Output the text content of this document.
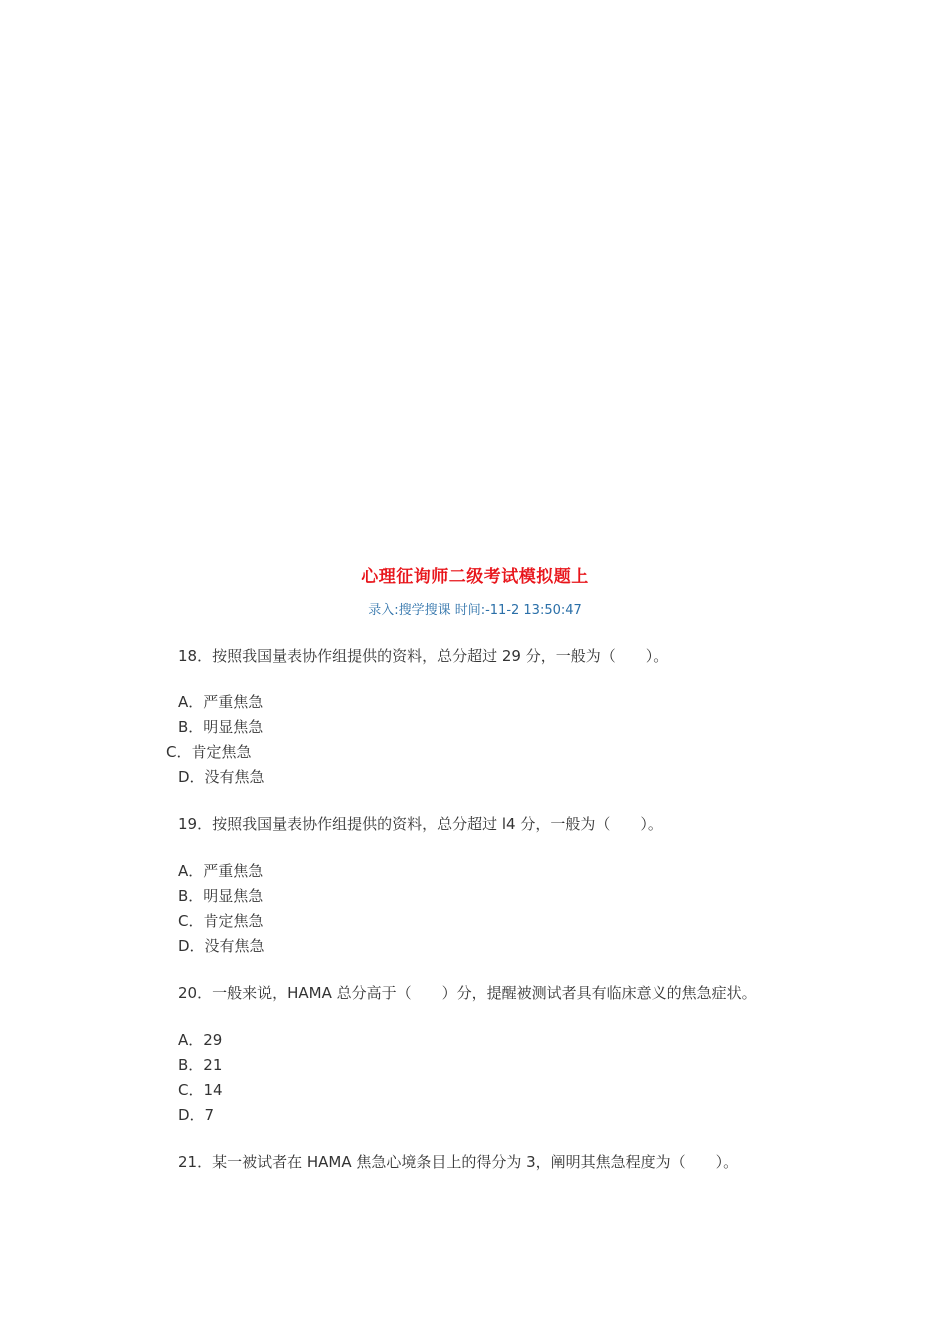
心理征询师二级考试模拟题上
录入:搜学搜课 时间:-11-2 13:50:47
18．按照我国量表协作组提供的资料，总分超过 29 分，一般为（　　）。
A．严重焦急
B．明显焦急
C．肯定焦急
D．没有焦急
19．按照我国量表协作组提供的资料，总分超过 l4 分，一般为（　　）。
A．严重焦急
B．明显焦急
C．肯定焦急
D．没有焦急
20．一般来说，HAMA 总分高于（　　）分，提醒被测试者具有临床意义的焦急症状。
A．29
B．21
C．14
D．7
21．某一被试者在 HAMA 焦急心境条目上的得分为 3，阐明其焦急程度为（　　）。
